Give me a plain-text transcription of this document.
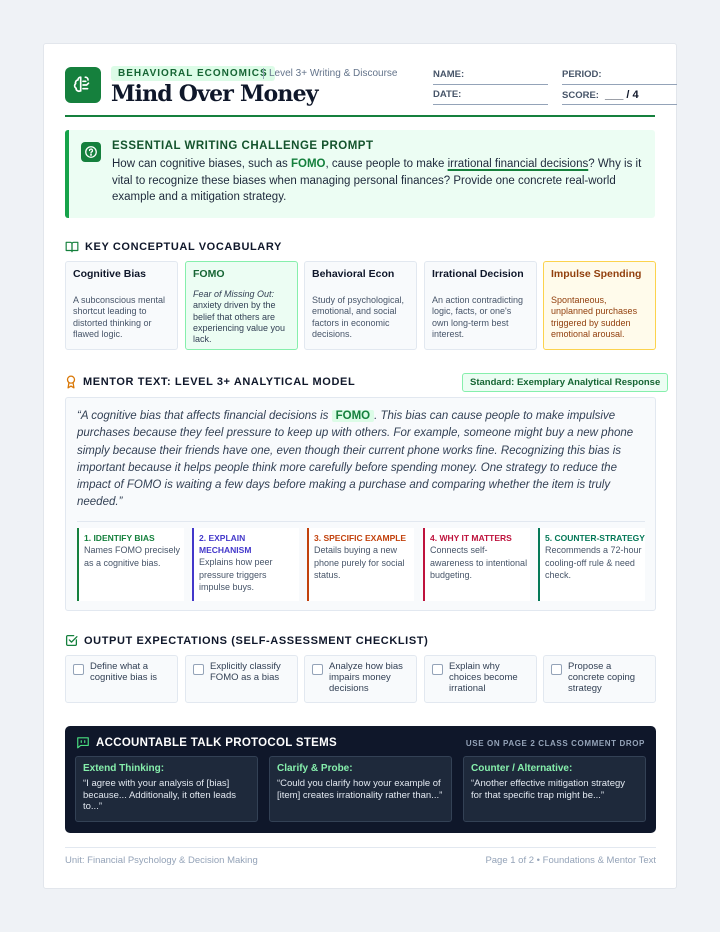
BEHAVIORAL ECONOMICS Level 3+ Writing & Discourse
Mind Over Money
NAME:	PERIOD:
DATE:	SCORE: ___ / 4
ESSENTIAL WRITING CHALLENGE PROMPT

How can cognitive biases, such as FOMO, cause people to make irrational financial decisions? Why is it vital to recognize these biases when managing personal finances? Provide one concrete real-world example and a mitigation strategy.

KEY CONCEPTUAL VOCABULARY
Cognitive Bias
A subconscious mental shortcut leading to distorted thinking or flawed logic.
FOMO
Fear of Missing Out:
anxiety driven by the belief that others are experiencing value you lack.
Behavioral Econ
Study of psychological, emotional, and social factors in economic decisions.
Irrational Decision
An action contradicting logic, facts, or one's own long-term best interest.
Impulse Spending
Spontaneous, unplanned purchases triggered by sudden emotional arousal.
MENTOR TEXT: LEVEL 3+ ANALYTICAL MODEL	Standard: Exemplary Analytical Response
“A cognitive bias that affects financial decisions is FOMO . This bias can cause people to make impulsive purchases because they feel pressure to keep up with others. For example, someone might buy a new phone simply because their friends have one, even though their current phone works fine. Recognizing this bias is important because it helps people think more carefully before spending money. One strategy to reduce the impact of FOMO is waiting a few days before making a purchase and comparing whether the item is truly needed.”
1. IDENTIFY BIAS
Names FOMO precisely as a cognitive bias.
2. EXPLAIN MECHANISM
Explains how peer pressure triggers impulse buys.
3. SPECIFIC EXAMPLE
Details buying a new phone purely for social status.
4. WHY IT MATTERS
Connects self-awareness to intentional budgeting.
5. COUNTER-STRATEGY
Recommends a 72-hour cooling-off rule & need check.
OUTPUT EXPECTATIONS (SELF-ASSESSMENT CHECKLIST)
Define what a cognitive bias is
Explicitly classify FOMO as a bias
Analyze how bias impairs money decisions
Explain why choices become irrational
Propose a concrete coping strategy
ACCOUNTABLE TALK PROTOCOL STEMS	USE ON PAGE 2 CLASS COMMENT DROP
Extend Thinking:
“I agree with your analysis of [bias] because... Additionally, it often leads to...”
Clarify & Probe:
“Could you clarify how your example of [item] creates irrationality rather than...”
Counter / Alternative:
“Another effective mitigation strategy for that specific trap might be...”
Unit: Financial Psychology & Decision Making	Page 1 of 2 • Foundations & Mentor Text
